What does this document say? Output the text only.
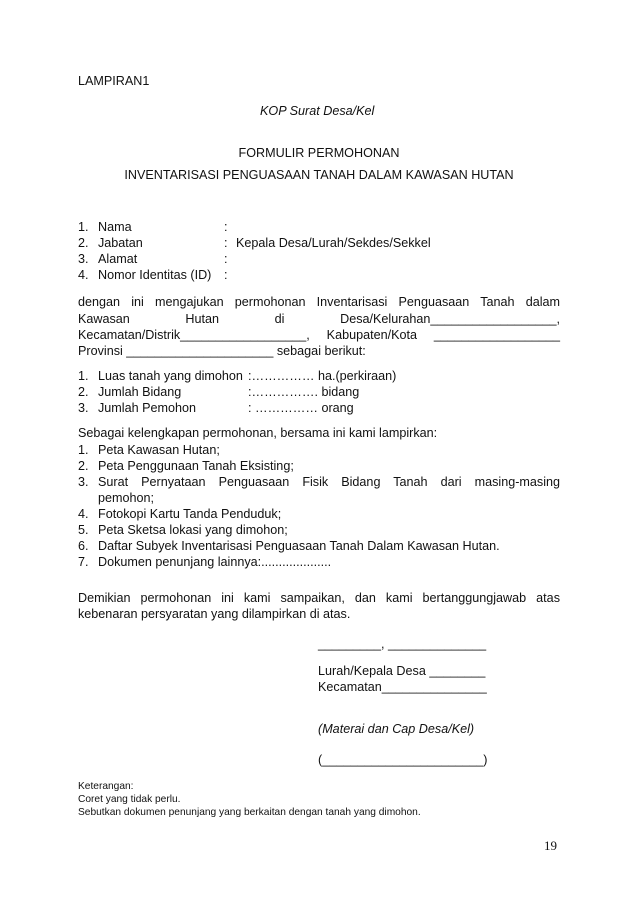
LAMPIRAN1
KOP Surat Desa/Kel
FORMULIR PERMOHONAN
INVENTARISASI PENGUASAAN TANAH DALAM KAWASAN HUTAN
1. Nama	:
2. Jabatan	: Kepala Desa/Lurah/Sekdes/Sekkel
3. Alamat	:
4. Nomor Identitas (ID) :
dengan ini mengajukan permohonan Inventarisasi Penguasaan Tanah dalam
Kawasan Hutan di Desa/Kelurahan__________________,
Kecamatan/Distrik__________________, Kabupaten/Kota __________________
Provinsi _____________________ sebagai berikut:
1. Luas tanah yang dimohon :…………… ha.(perkiraan)
2. Jumlah Bidang	:……………. bidang
3. Jumlah Pemohon	: …………… orang
Sebagai kelengkapan permohonan, bersama ini kami lampirkan:
1. Peta Kawasan Hutan;
2. Peta Penggunaan Tanah Eksisting;
3. Surat Pernyataan Penguasaan Fisik Bidang Tanah dari masing-masing
pemohon;
4. Fotokopi Kartu Tanda Penduduk;
5. Peta Sketsa lokasi yang dimohon;
6. Daftar Subyek Inventarisasi Penguasaan Tanah Dalam Kawasan Hutan.
7. Dokumen penunjang lainnya:....................
Demikian permohonan ini kami sampaikan, dan kami bertanggungjawab atas
kebenaran persyaratan yang dilampirkan di atas.
_________, ______________
Lurah/Kepala Desa ________
Kecamatan_______________
(Materai dan Cap Desa/Kel)
(_______________________)
Keterangan:
Coret yang tidak perlu.
Sebutkan dokumen penunjang yang berkaitan dengan tanah yang dimohon.
19
